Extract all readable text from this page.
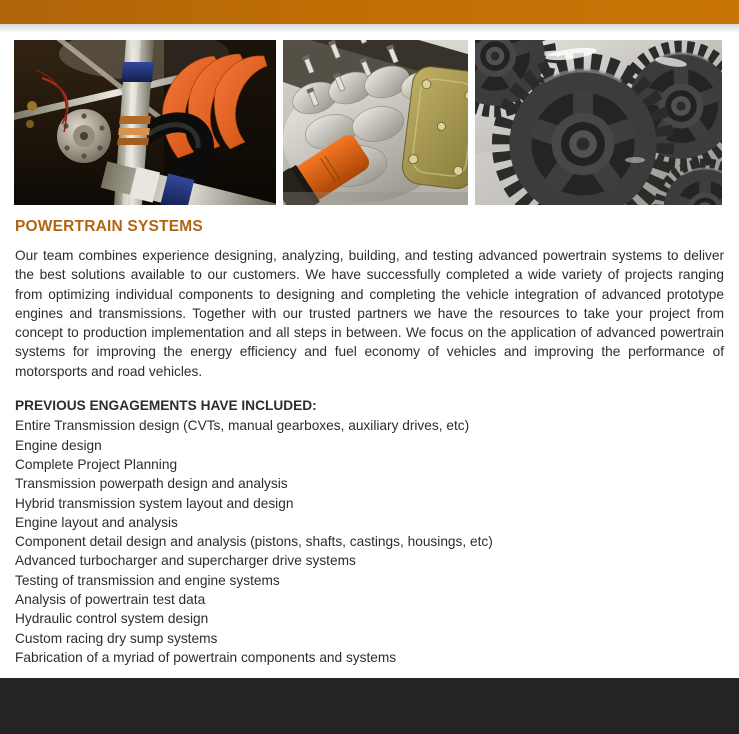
POWERTRAIN SYSTEMS

Our team combines experience designing, analyzing, building, and testing advanced powertrain systems to deliver the best solutions available to our customers. We have successfully completed a wide variety of projects ranging from optimizing individual components to designing and completing the vehicle integration of advanced prototype engines and transmissions. Together with our trusted partners we have the resources to take your project from concept to production implementation and all steps in between. We focus on the application of advanced powertrain systems for improving the energy efficiency and fuel economy of vehicles and improving the performance of motorsports and road vehicles.

PREVIOUS ENGAGEMENTS HAVE INCLUDED:
Entire Transmission design (CVTs, manual gearboxes, auxiliary drives, etc)
Engine design
Complete Project Planning
Transmission powerpath design and analysis
Hybrid transmission system layout and design
Engine layout and analysis
Component detail design and analysis (pistons, shafts, castings, housings, etc)
Advanced turbocharger and supercharger drive systems
Testing of transmission and engine systems
Analysis of powertrain test data
Hydraulic control system design
Custom racing dry sump systems
Fabrication of a myriad of powertrain components and systems
